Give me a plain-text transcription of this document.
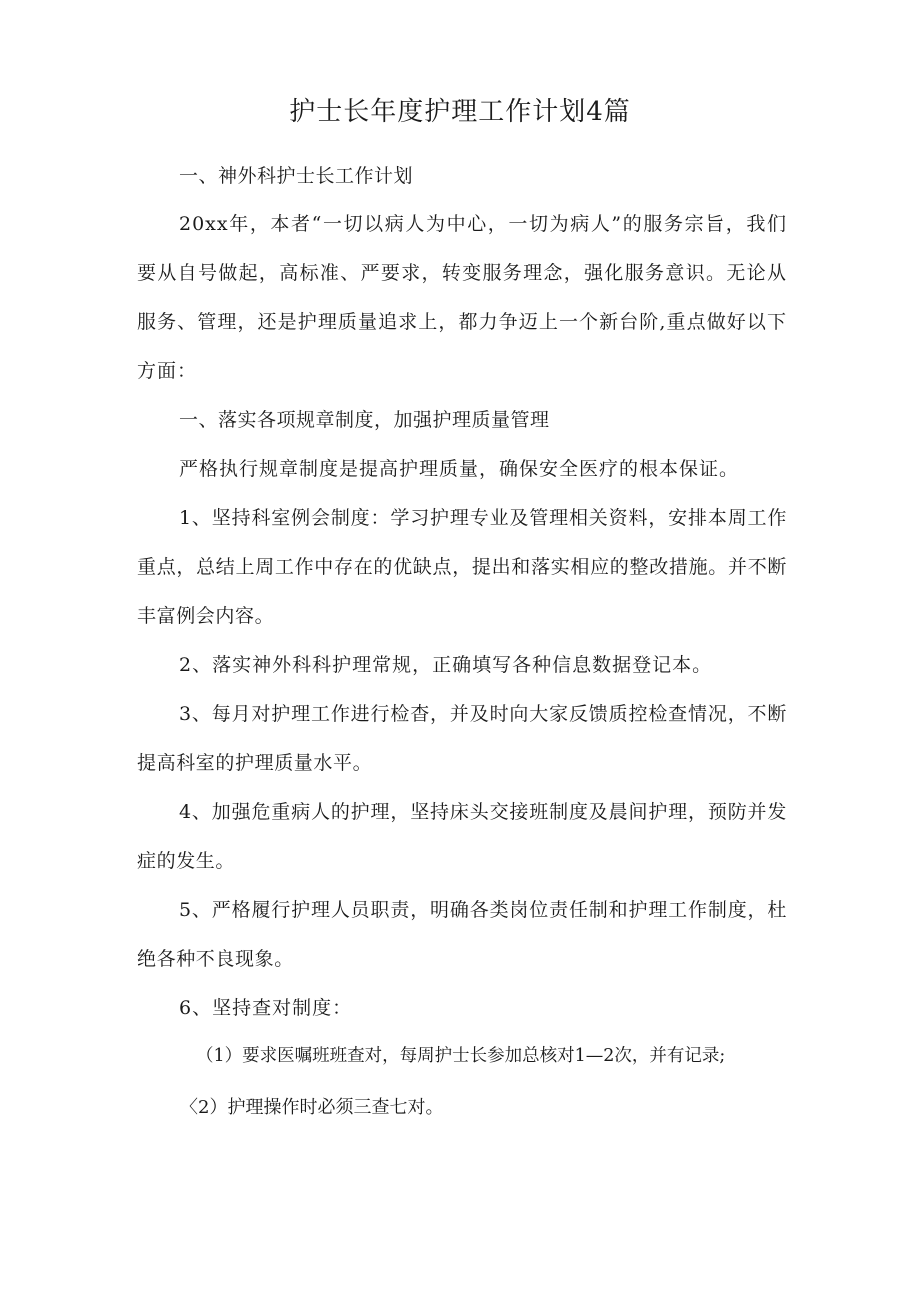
护士长年度护理工作计划4篇

一、神外科护士长工作计划

20xx年，本者“一切以病人为中心，一切为病人”的服务宗旨，我们要从自号做起，高标准、严要求，转变服务理念，强化服务意识。无论从服务、管理，还是护理质量追求上，都力争迈上一个新台阶,重点做好以下方面：

一、落实各项规章制度，加强护理质量管理

严格执行规章制度是提高护理质量，确保安全医疗的根本保证。

1、坚持科室例会制度：学习护理专业及管理相关资料，安排本周工作重点，总结上周工作中存在的优缺点，提出和落实相应的整改措施。并不断丰富例会内容。

2、落实神外科科护理常规，正确填写各种信息数据登记本。

3、每月对护理工作进行检杳，并及时向大家反馈质控检查情况，不断提高科室的护理质量水平。

4、加强危重病人的护理，坚持床头交接班制度及晨间护理，预防并发症的发生。

5、严格履行护理人员职责，明确各类岗位责任制和护理工作制度，杜绝各种不良现象。

6、坚持查对制度：

（1）要求医嘱班班查对，每周护士长参加总核对1—2次，并有记录;

〈2）护理操作时必须三查七对。
